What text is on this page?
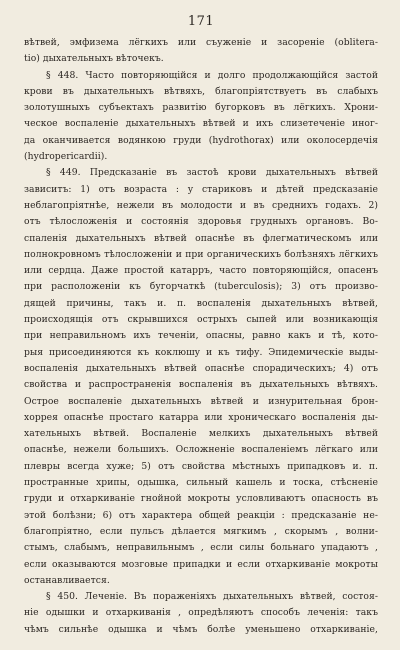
171
вѣтвей, эмфизема лёгкихъ или съуженіе и засореніе (oblitera-
tio) дыхательныхъ вѣточекъ.
§ 448. Часто повторяющійся и долго продолжающійся застой
крови въ дыхательныхъ вѣтвяхъ, благопріятствуетъ въ слабыхъ
золотушныхъ субъектахъ развитію бугорковъ въ лёгкихъ. Хрони-
ческое воспаленіе дыхательныхъ вѣтвей и ихъ слизетеченіе иног-
да оканчивается водянкою груди (hydrothorax) или околосердечія
(hydropericardii).
§ 449. Предсказаніе въ застоѣ крови дыхательныхъ вѣтвей
зависитъ: 1) отъ возраста : у стариковъ и дѣтей предсказаніе
неблагопріятнѣе, нежели въ молодости и въ среднихъ годахъ. 2)
отъ тѣлосложенія и состоянія здоровья грудныхъ органовъ. Во-
спаленія дыхательныхъ вѣтвей опаснѣе въ флегматическомъ или
полнокровномъ тѣлосложеніи и при органическихъ болѣзняхъ лёгкихъ
или сердца. Даже простой катарръ, часто повторяющійся, опасенъ
при расположеніи къ бугорчаткѣ (tuberculosis); 3) отъ произво-
дящей причины, такъ и. п. воспаленія дыхательныхъ вѣтвей,
происходящія отъ скрывшихся острыхъ сыпей или возникающія
при неправильномъ ихъ теченіи, опасны, равно какъ и тѣ, кото-
рыя присоединяются къ коклюшу и къ тифу. Эпидемическіе выды-
воспаленія дыхательныхъ вѣтвей опаснѣе спорадическихъ; 4) отъ
свойства и распространенія воспаленія въ дыхательныхъ вѣтвяхъ.
Острое воспаленіе дыхательныхъ вѣтвей и изнурительная брон-
хоррея опаснѣе простаго катарра или хроническаго воспаленія ды-
хательныхъ вѣтвей. Воспаленіе мелкихъ дыхательныхъ вѣтвей
опаснѣе, нежели большихъ. Осложненіе воспаленіемъ лёгкаго или
плевры всегда хуже; 5) отъ свойства мѣстныхъ припадковъ и. п.
пространные хрипы, одышка, сильный кашель и тоска, стѣсненіе
груди и отхаркиваніе гнойной мокроты условливаютъ опасность въ
этой болѣзни; 6) отъ характера общей реакціи : предсказаніе не-
благопріятно, если пульсъ дѣлается мягкимъ , скорымъ , волни-
стымъ, слабымъ, неправильнымъ , если силы больнаго упадаютъ ,
если оказываются мозговые припадки и если отхаркиваніе мокроты
останавливается.
§ 450. Леченіе. Въ пораженіяхъ дыхательныхъ вѣтвей, состоя-
ніе одышки и отхаркиванія , опредѣляютъ способъ леченія: такъ
чѣмъ сильнѣе одышка и чѣмъ болѣе уменьшено отхаркиваніе,
